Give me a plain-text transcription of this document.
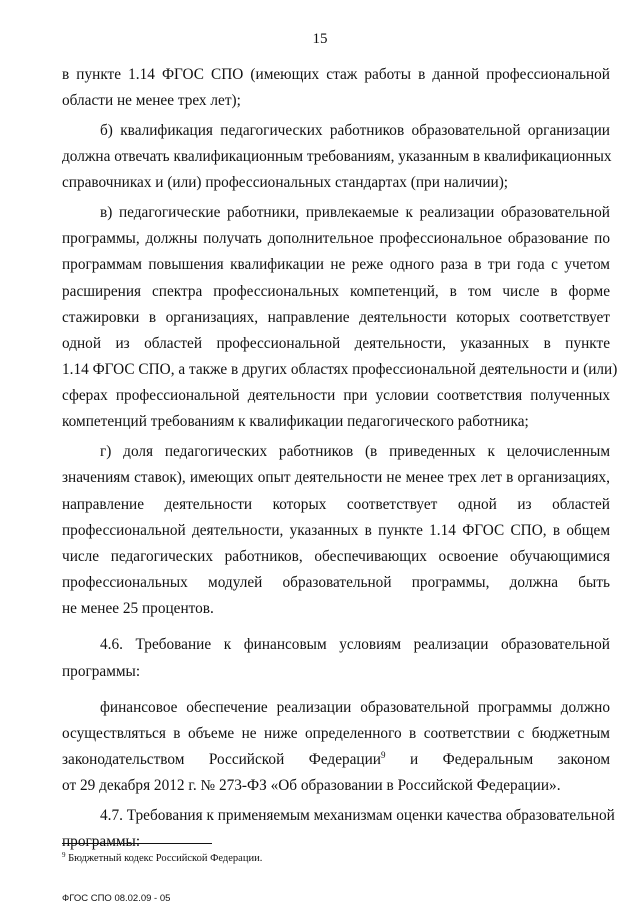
15
в пункте 1.14 ФГОС СПО (имеющих стаж работы в данной профессиональной
области не менее трех лет);
б) квалификация педагогических работников образовательной организации
должна отвечать квалификационным требованиям, указанным в квалификационных
справочниках и (или) профессиональных стандартах (при наличии);
в) педагогические работники, привлекаемые к реализации образовательной
программы, должны получать дополнительное профессиональное образование по
программам повышения квалификации не реже одного раза в три года с учетом
расширения спектра профессиональных компетенций, в том числе в форме
стажировки в организациях, направление деятельности которых соответствует
одной из областей профессиональной деятельности, указанных в пункте
1.14 ФГОС СПО, а также в других областях профессиональной деятельности и (или)
сферах профессиональной деятельности при условии соответствия полученных
компетенций требованиям к квалификации педагогического работника;
г) доля педагогических работников (в приведенных к целочисленным
значениям ставок), имеющих опыт деятельности не менее трех лет в организациях,
направление деятельности которых соответствует одной из областей
профессиональной деятельности, указанных в пункте 1.14 ФГОС СПО, в общем
числе педагогических работников, обеспечивающих освоение обучающимися
профессиональных модулей образовательной программы, должна быть
не менее 25 процентов.
4.6. Требование к финансовым условиям реализации образовательной
программы:
финансовое обеспечение реализации образовательной программы должно
осуществляться в объеме не ниже определенного в соответствии с бюджетным
законодательством Российской Федерации$^9$ и Федеральным законом
от 29 декабря 2012 г. № 273-ФЗ «Об образовании в Российской Федерации».
4.7. Требования к применяемым механизмам оценки качества образовательной
программы:
$^9$ Бюджетный кодекс Российской Федерации.
ФГОС СПО 08.02.09 - 05
